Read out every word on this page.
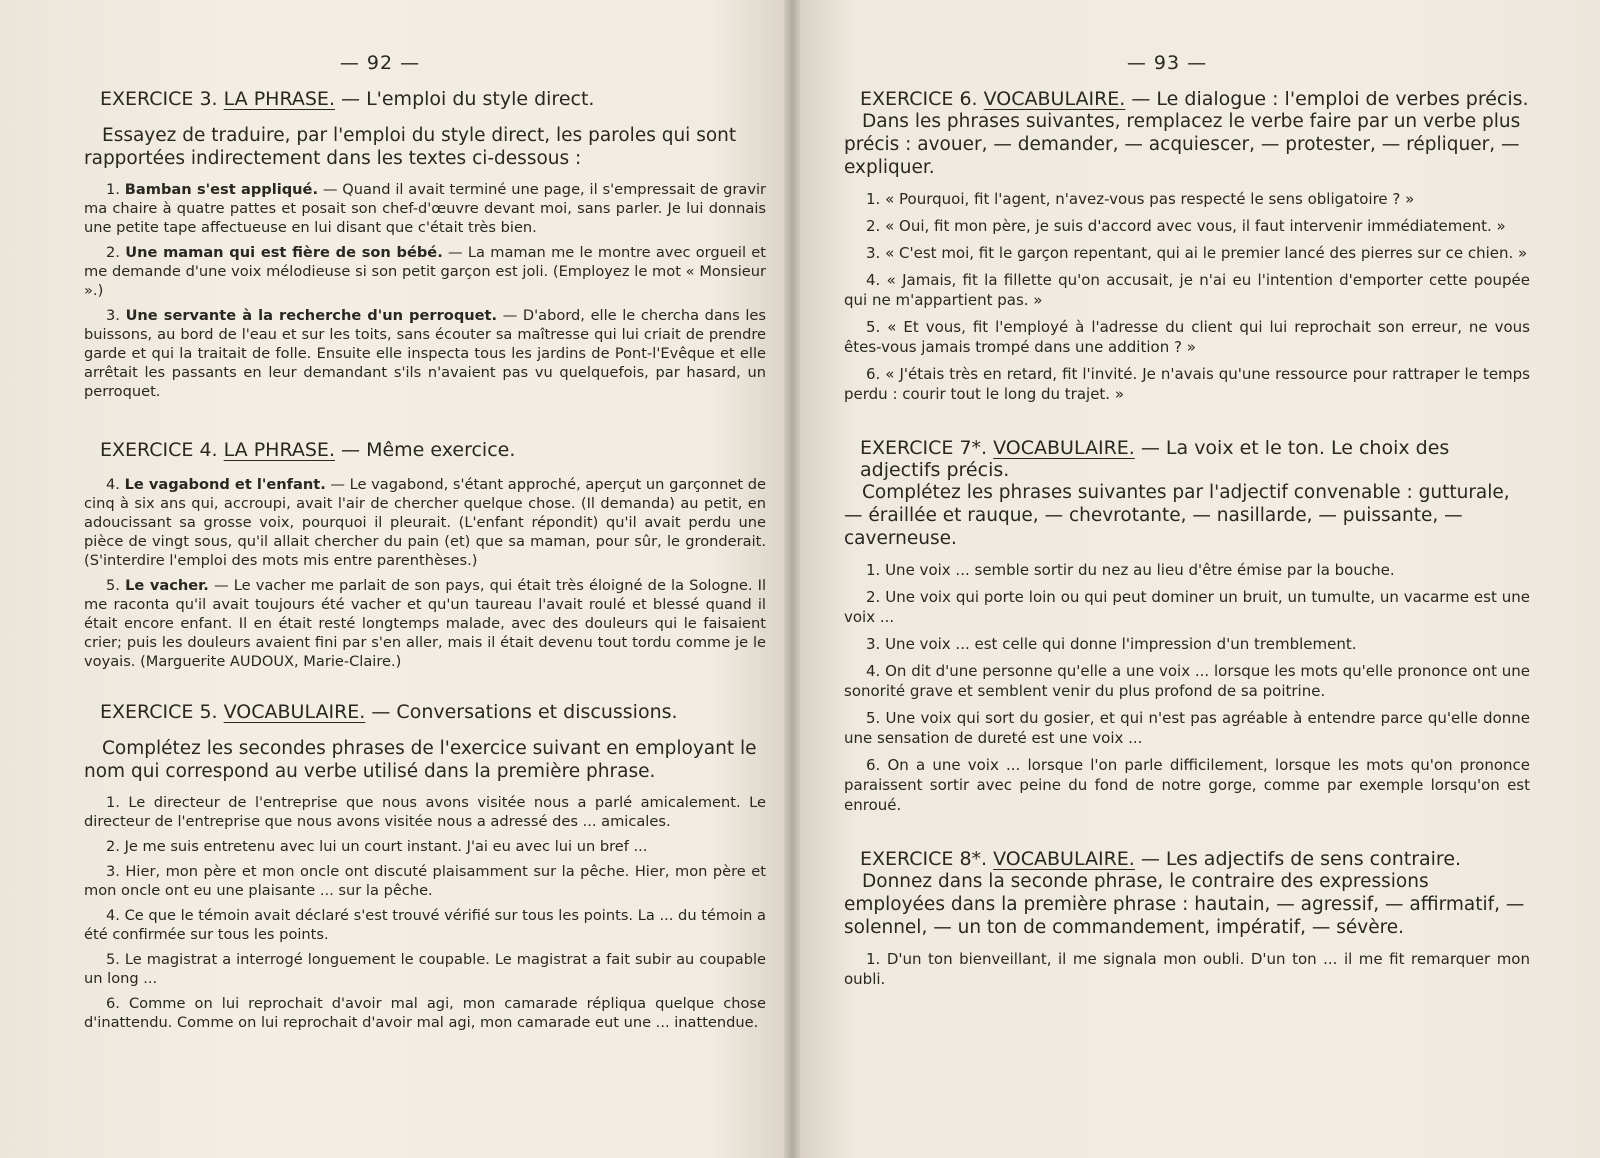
— 92 —
EXERCICE 3. LA PHRASE. — L'emploi du style direct.

Essayez de traduire, par l'emploi du style direct, les paroles qui sont rapportées indirectement dans les textes ci-dessous :

1. Bamban s'est appliqué. — Quand il avait terminé une page, il s'empressait de gravir ma chaire à quatre pattes et posait son chef-d'œuvre devant moi, sans parler. Je lui donnais une petite tape affectueuse en lui disant que c'était très bien.

2. Une maman qui est fière de son bébé. — La maman me le montre avec orgueil et me demande d'une voix mélodieuse si son petit garçon est joli. (Employez le mot « Monsieur ».)

3. Une servante à la recherche d'un perroquet. — D'abord, elle le chercha dans les buissons, au bord de l'eau et sur les toits, sans écouter sa maîtresse qui lui criait de prendre garde et qui la traitait de folle. Ensuite elle inspecta tous les jardins de Pont-l'Evêque et elle arrêtait les passants en leur demandant s'ils n'avaient pas vu quelquefois, par hasard, un perroquet.

EXERCICE 4. LA PHRASE. — Même exercice.

4. Le vagabond et l'enfant. — Le vagabond, s'étant approché, aperçut un garçonnet de cinq à six ans qui, accroupi, avait l'air de chercher quelque chose. (Il demanda) au petit, en adoucissant sa grosse voix, pourquoi il pleurait. (L'enfant répondit) qu'il avait perdu une pièce de vingt sous, qu'il allait chercher du pain (et) que sa maman, pour sûr, le gronderait. (S'interdire l'emploi des mots mis entre parenthèses.)

5. Le vacher. — Le vacher me parlait de son pays, qui était très éloigné de la Sologne. Il me raconta qu'il avait toujours été vacher et qu'un taureau l'avait roulé et blessé quand il était encore enfant. Il en était resté longtemps malade, avec des douleurs qui le faisaient crier; puis les douleurs avaient fini par s'en aller, mais il était devenu tout tordu comme je le voyais. (Marguerite AUDOUX, Marie-Claire.)

EXERCICE 5. VOCABULAIRE. — Conversations et discussions.

Complétez les secondes phrases de l'exercice suivant en employant le nom qui correspond au verbe utilisé dans la première phrase.

1. Le directeur de l'entreprise que nous avons visitée nous a parlé amicalement. Le directeur de l'entreprise que nous avons visitée nous a adressé des ... amicales.

2. Je me suis entretenu avec lui un court instant. J'ai eu avec lui un bref ...

3. Hier, mon père et mon oncle ont discuté plaisamment sur la pêche. Hier, mon père et mon oncle ont eu une plaisante ... sur la pêche.

4. Ce que le témoin avait déclaré s'est trouvé vérifié sur tous les points. La ... du témoin a été confirmée sur tous les points.

5. Le magistrat a interrogé longuement le coupable. Le magistrat a fait subir au coupable un long ...

6. Comme on lui reprochait d'avoir mal agi, mon camarade répliqua quelque chose d'inattendu. Comme on lui reprochait d'avoir mal agi, mon camarade eut une ... inattendue.

— 93 —
EXERCICE 6. VOCABULAIRE. — Le dialogue : l'emploi de verbes précis.

Dans les phrases suivantes, remplacez le verbe faire par un verbe plus précis : avouer, — demander, — acquiescer, — protester, — répliquer, — expliquer.

1. « Pourquoi, fit l'agent, n'avez-vous pas respecté le sens obligatoire ? »

2. « Oui, fit mon père, je suis d'accord avec vous, il faut intervenir immédiatement. »

3. « C'est moi, fit le garçon repentant, qui ai le premier lancé des pierres sur ce chien. »

4. « Jamais, fit la fillette qu'on accusait, je n'ai eu l'intention d'emporter cette poupée qui ne m'appartient pas. »

5. « Et vous, fit l'employé à l'adresse du client qui lui reprochait son erreur, ne vous êtes-vous jamais trompé dans une addition ? »

6. « J'étais très en retard, fit l'invité. Je n'avais qu'une ressource pour rattraper le temps perdu : courir tout le long du trajet. »

EXERCICE 7*. VOCABULAIRE. — La voix et le ton. Le choix des adjectifs précis.

Complétez les phrases suivantes par l'adjectif convenable : gutturale, — éraillée et rauque, — chevrotante, — nasillarde, — puissante, — caverneuse.

1. Une voix ... semble sortir du nez au lieu d'être émise par la bouche.

2. Une voix qui porte loin ou qui peut dominer un bruit, un tumulte, un vacarme est une voix ...

3. Une voix ... est celle qui donne l'impression d'un tremblement.

4. On dit d'une personne qu'elle a une voix ... lorsque les mots qu'elle prononce ont une sonorité grave et semblent venir du plus profond de sa poitrine.

5. Une voix qui sort du gosier, et qui n'est pas agréable à entendre parce qu'elle donne une sensation de dureté est une voix ...

6. On a une voix ... lorsque l'on parle difficilement, lorsque les mots qu'on prononce paraissent sortir avec peine du fond de notre gorge, comme par exemple lorsqu'on est enroué.

EXERCICE 8*. VOCABULAIRE. — Les adjectifs de sens contraire.

Donnez dans la seconde phrase, le contraire des expressions employées dans la première phrase : hautain, — agressif, — affirmatif, — solennel, — un ton de commandement, impératif, — sévère.

1. D'un ton bienveillant, il me signala mon oubli. D'un ton ... il me fit remarquer mon oubli.
